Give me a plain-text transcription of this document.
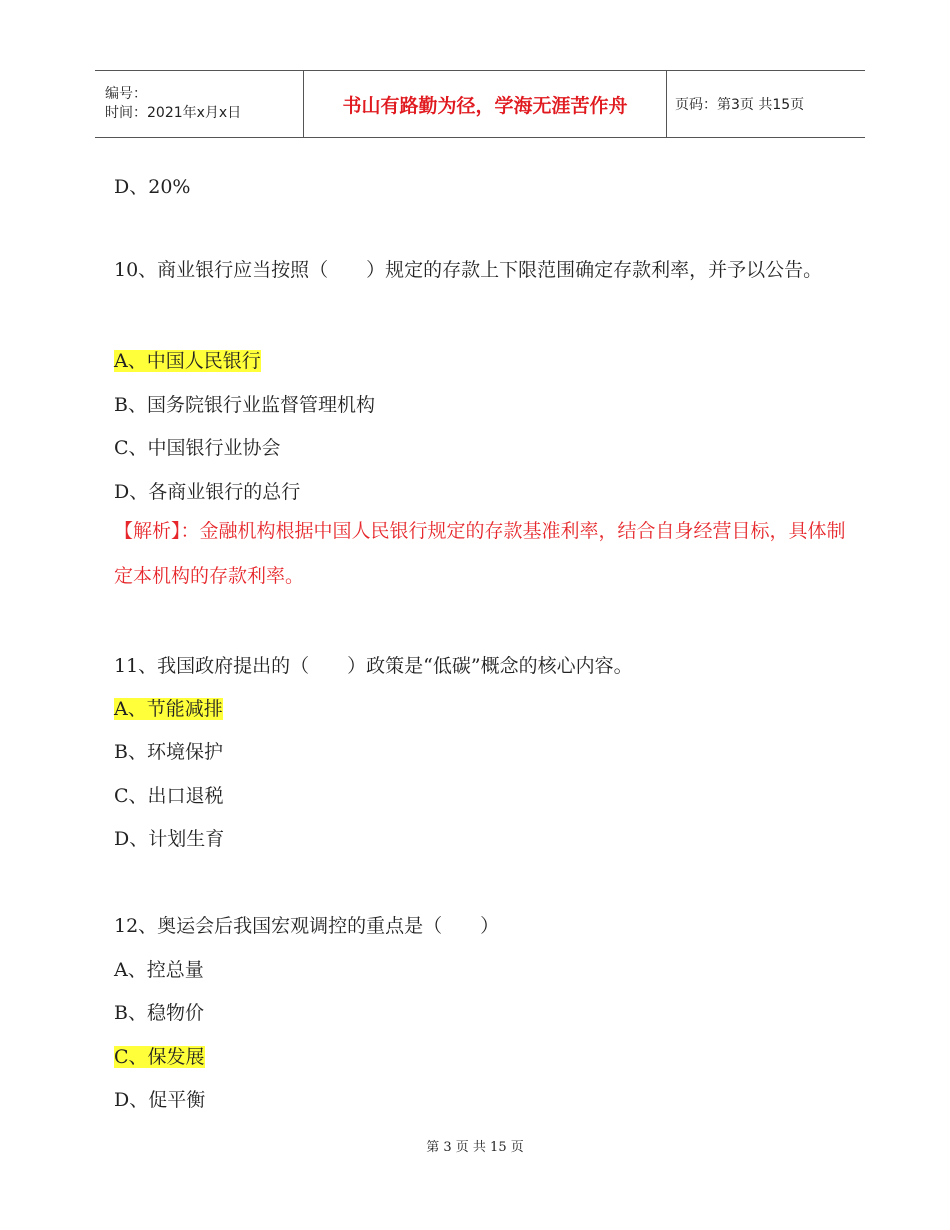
编号：
时间：2021年x月x日	书山有路勤为径，学海无涯苦作舟	页码：第3页 共15页
D、20%
10、商业银行应当按照（　　）规定的存款上下限范围确定存款利率，并予以公告。
A、中国人民银行
B、国务院银行业监督管理机构
C、中国银行业协会
D、各商业银行的总行
【解析】：金融机构根据中国人民银行规定的存款基准利率，结合自身经营目标，具体制定本机构的存款利率。
11、我国政府提出的（　　）政策是“低碳”概念的核心内容。
A、节能减排
B、环境保护
C、出口退税
D、计划生育
12、奥运会后我国宏观调控的重点是（　　）
A、控总量
B、稳物价
C、保发展
D、促平衡
第 3 页 共 15 页
